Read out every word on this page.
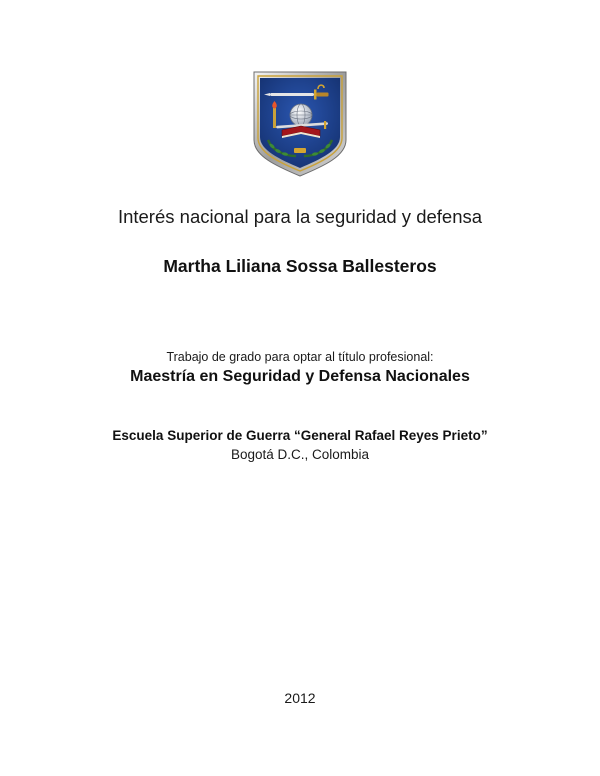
Interés nacional para la seguridad y defensa
Martha Liliana Sossa Ballesteros
Trabajo de grado para optar al título profesional:
Maestría en Seguridad y Defensa Nacionales
Escuela Superior de Guerra “General Rafael Reyes Prieto”
Bogotá D.C., Colombia
2012
